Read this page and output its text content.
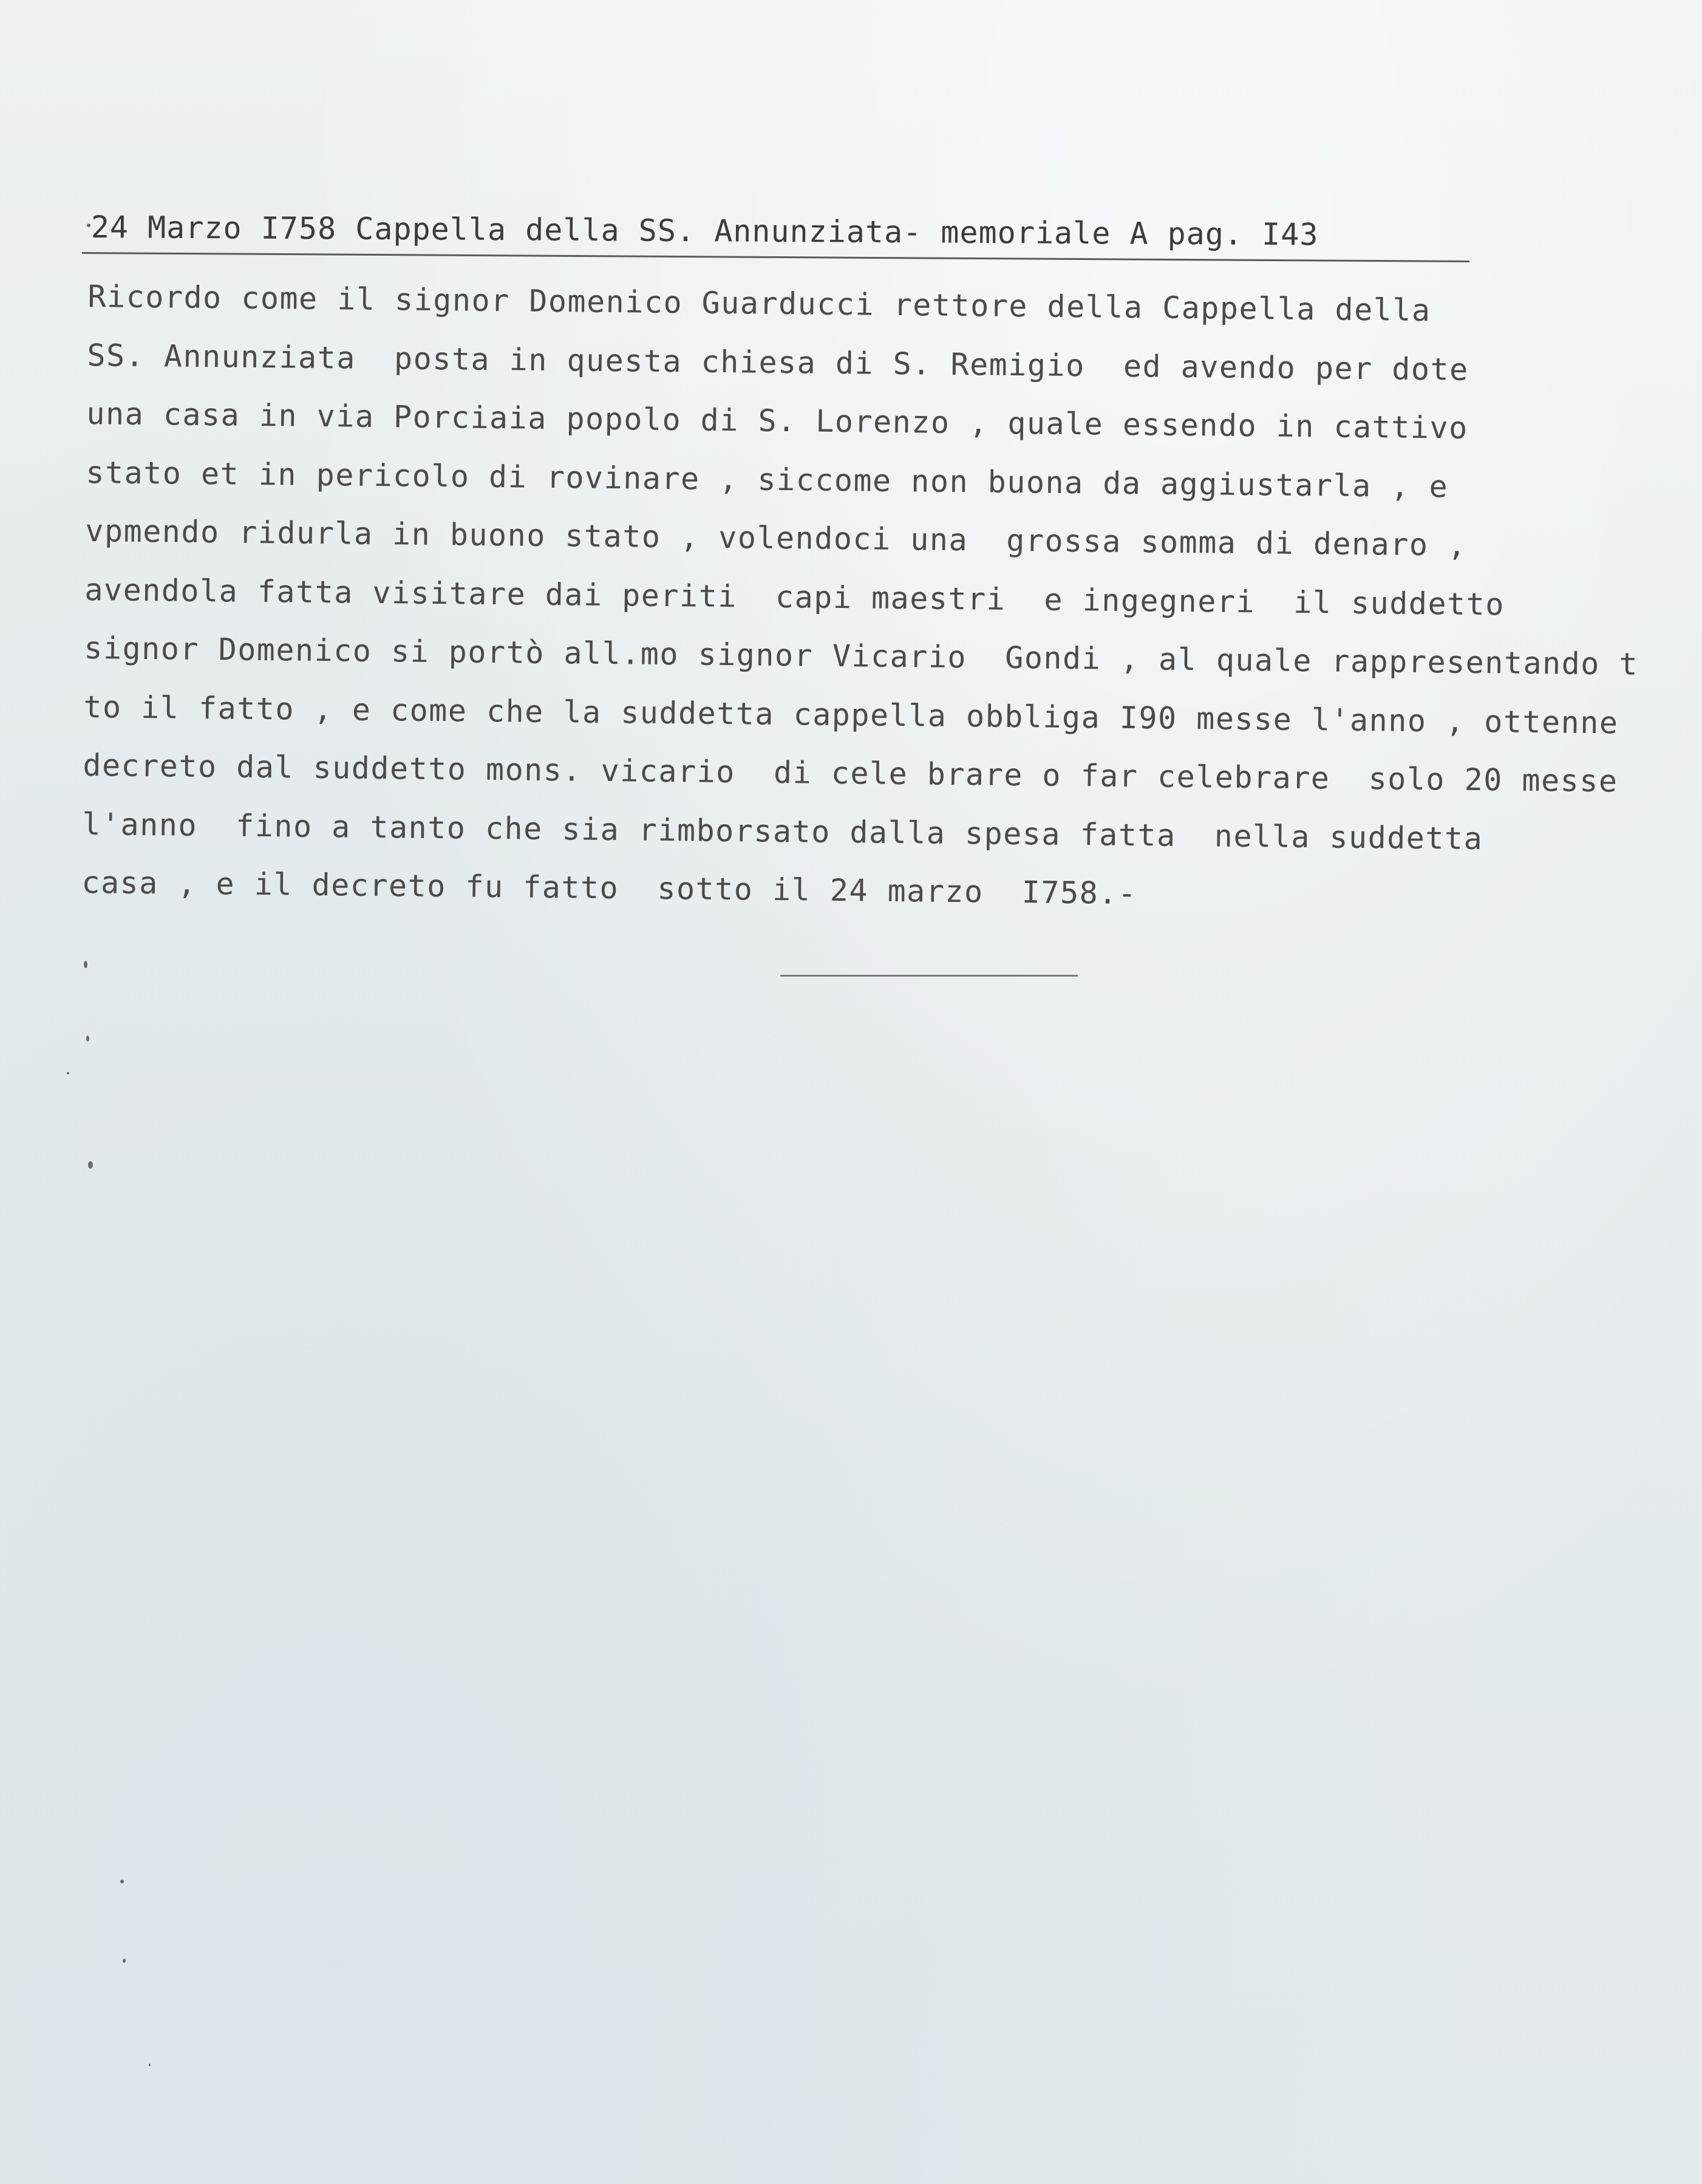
24 Marzo I758 Cappella della SS. Annunziata- memoriale A pag. I43
Ricordo come il signor Domenico Guarducci rettore della Cappella della
SS. Annunziata  posta in questa chiesa di S. Remigio  ed avendo per dote
una casa in via Porciaia popolo di S. Lorenzo , quale essendo in cattivo
stato et in pericolo di rovinare , siccome non buona da aggiustarla , e
vpmendo ridurla in buono stato , volendoci una  grossa somma di denaro ,
avendola fatta visitare dai periti  capi maestri  e ingegneri  il suddetto
signor Domenico si portò all.mo signor Vicario  Gondi , al quale rappresentando t
to il fatto , e come che la suddetta cappella obbliga I90 messe l'anno , ottenne
decreto dal suddetto mons. vicario  di cele brare o far celebrare  solo 20 messe
l'anno  fino a tanto che sia rimborsato dalla spesa fatta  nella suddetta
casa , e il decreto fu fatto  sotto il 24 marzo  I758.-
